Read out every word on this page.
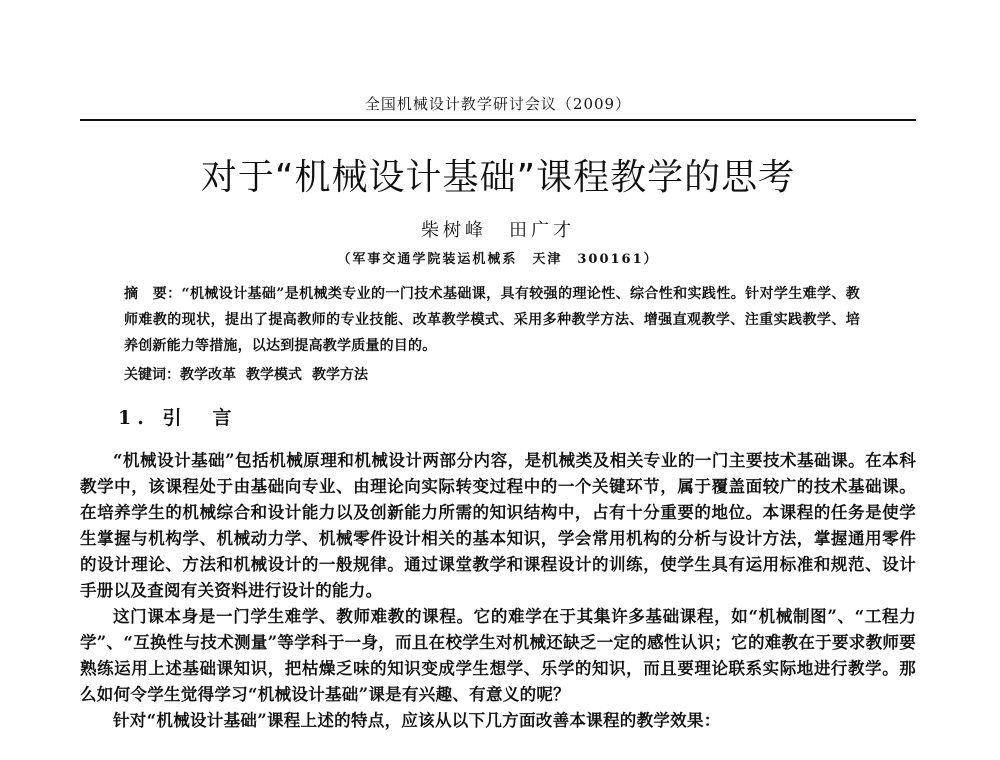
全国机械设计教学研讨会议（2009）
对于“机械设计基础”课程教学的思考
柴树峰　田广才
（军事交通学院装运机械系　天津　300161）
摘　要：“机械设计基础”是机械类专业的一门技术基础课，具有较强的理论性、综合性和实践性。针对学生难学、教师难教的现状，提出了提高教师的专业技能、改革教学模式、采用多种教学方法、增强直观教学、注重实践教学、培养创新能力等措施，以达到提高教学质量的目的。
关键词：教学改革 教学模式 教学方法
1. 引　言

“机械设计基础”包括机械原理和机械设计两部分内容，是机械类及相关专业的一门主要技术基础课。在本科教学中，该课程处于由基础向专业、由理论向实际转变过程中的一个关键环节，属于覆盖面较广的技术基础课。在培养学生的机械综合和设计能力以及创新能力所需的知识结构中，占有十分重要的地位。本课程的任务是使学生掌握与机构学、机械动力学、机械零件设计相关的基本知识，学会常用机构的分析与设计方法，掌握通用零件的设计理论、方法和机械设计的一般规律。通过课堂教学和课程设计的训练，使学生具有运用标准和规范、设计手册以及查阅有关资料进行设计的能力。

这门课本身是一门学生难学、教师难教的课程。它的难学在于其集许多基础课程，如“机械制图”、“工程力学”、“互换性与技术测量”等学科于一身，而且在校学生对机械还缺乏一定的感性认识；它的难教在于要求教师要熟练运用上述基础课知识，把枯燥乏味的知识变成学生想学、乐学的知识，而且要理论联系实际地进行教学。那么如何令学生觉得学习“机械设计基础”课是有兴趣、有意义的呢？

针对“机械设计基础”课程上述的特点，应该从以下几方面改善本课程的教学效果：
